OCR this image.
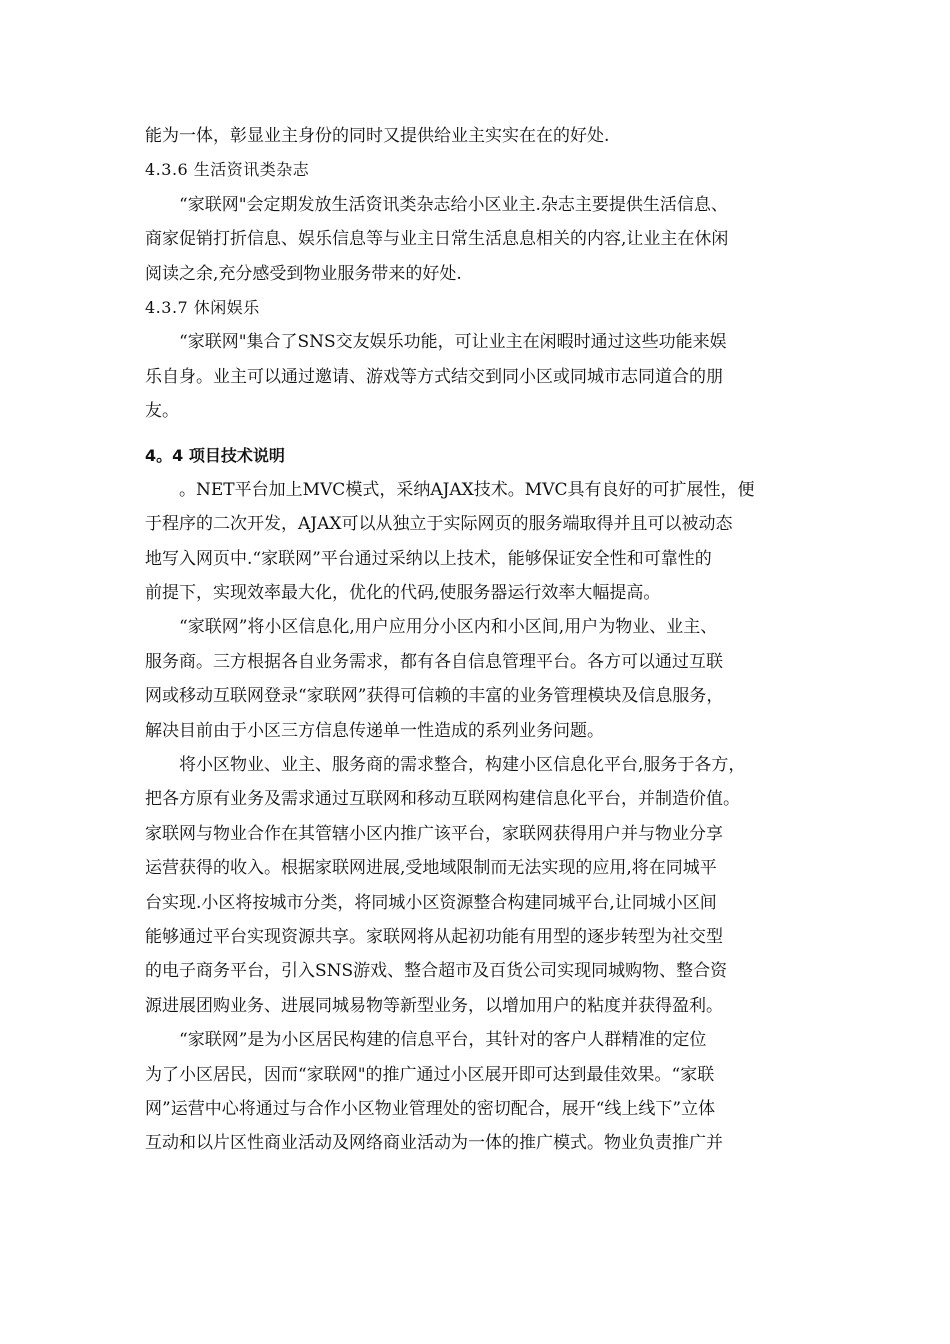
能为一体，彰显业主身份的同时又提供给业主实实在在的好处.
4.3.6 生活资讯类杂志
“家联网"会定期发放生活资讯类杂志给小区业主.杂志主要提供生活信息、
商家促销打折信息、娱乐信息等与业主日常生活息息相关的内容,让业主在休闲
阅读之余,充分感受到物业服务带来的好处.
4.3.7 休闲娱乐
“家联网"集合了SNS交友娱乐功能，可让业主在闲暇时通过这些功能来娱
乐自身。业主可以通过邀请、游戏等方式结交到同小区或同城市志同道合的朋
友。
4。4 项目技术说明
。NET平台加上MVC模式，采纳AJAX技术。MVC具有良好的可扩展性，便
于程序的二次开发，AJAX可以从独立于实际网页的服务端取得并且可以被动态
地写入网页中.“家联网”平台通过采纳以上技术，能够保证安全性和可靠性的
前提下，实现效率最大化，优化的代码,使服务器运行效率大幅提高。
“家联网”将小区信息化,用户应用分小区内和小区间,用户为物业、业主、
服务商。三方根据各自业务需求，都有各自信息管理平台。各方可以通过互联
网或移动互联网登录“家联网”获得可信赖的丰富的业务管理模块及信息服务，
解决目前由于小区三方信息传递单一性造成的系列业务问题。
将小区物业、业主、服务商的需求整合，构建小区信息化平台,服务于各方，
把各方原有业务及需求通过互联网和移动互联网构建信息化平台，并制造价值。
家联网与物业合作在其管辖小区内推广该平台，家联网获得用户并与物业分享
运营获得的收入。根据家联网进展,受地域限制而无法实现的应用,将在同城平
台实现.小区将按城市分类，将同城小区资源整合构建同城平台,让同城小区间
能够通过平台实现资源共享。家联网将从起初功能有用型的逐步转型为社交型
的电子商务平台，引入SNS游戏、整合超市及百货公司实现同城购物、整合资
源进展团购业务、进展同城易物等新型业务，以增加用户的粘度并获得盈利。
“家联网”是为小区居民构建的信息平台，其针对的客户人群精准的定位
为了小区居民，因而“家联网"的推广通过小区展开即可达到最佳效果。“家联
网”运营中心将通过与合作小区物业管理处的密切配合，展开“线上线下”立体
互动和以片区性商业活动及网络商业活动为一体的推广模式。物业负责推广并
